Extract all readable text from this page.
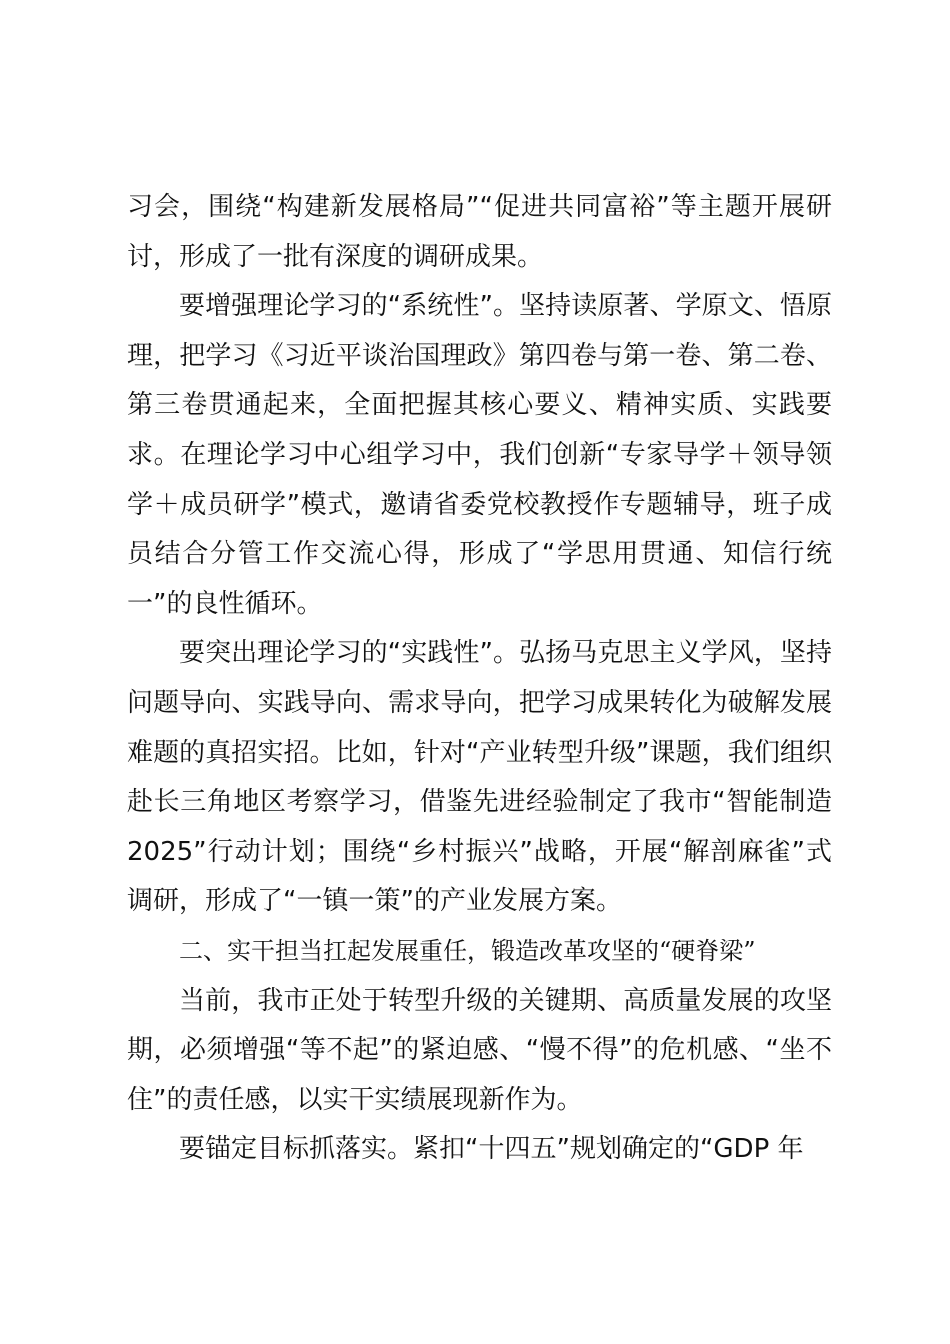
习会，围绕“构建新发展格局”“促进共同富裕”等主题开展研讨，形成了一批有深度的调研成果。

要增强理论学习的“系统性”。坚持读原著、学原文、悟原理，把学习《习近平谈治国理政》第四卷与第一卷、第二卷、第三卷贯通起来，全面把握其核心要义、精神实质、实践要求。在理论学习中心组学习中，我们创新“专家导学＋领导领学＋成员研学”模式，邀请省委党校教授作专题辅导，班子成员结合分管工作交流心得，形成了“学思用贯通、知信行统一”的良性循环。

要突出理论学习的“实践性”。弘扬马克思主义学风，坚持问题导向、实践导向、需求导向，把学习成果转化为破解发展难题的真招实招。比如，针对“产业转型升级”课题，我们组织赴长三角地区考察学习，借鉴先进经验制定了我市“智能制造 2025”行动计划；围绕“乡村振兴”战略，开展“解剖麻雀”式调研，形成了“一镇一策”的产业发展方案。

二、实干担当扛起发展重任，锻造改革攻坚的“硬脊梁”

当前，我市正处于转型升级的关键期、高质量发展的攻坚期，必须增强“等不起”的紧迫感、“慢不得”的危机感、“坐不住”的责任感，以实干实绩展现新作为。

要锚定目标抓落实。紧扣“十四五”规划确定的“GDP 年
